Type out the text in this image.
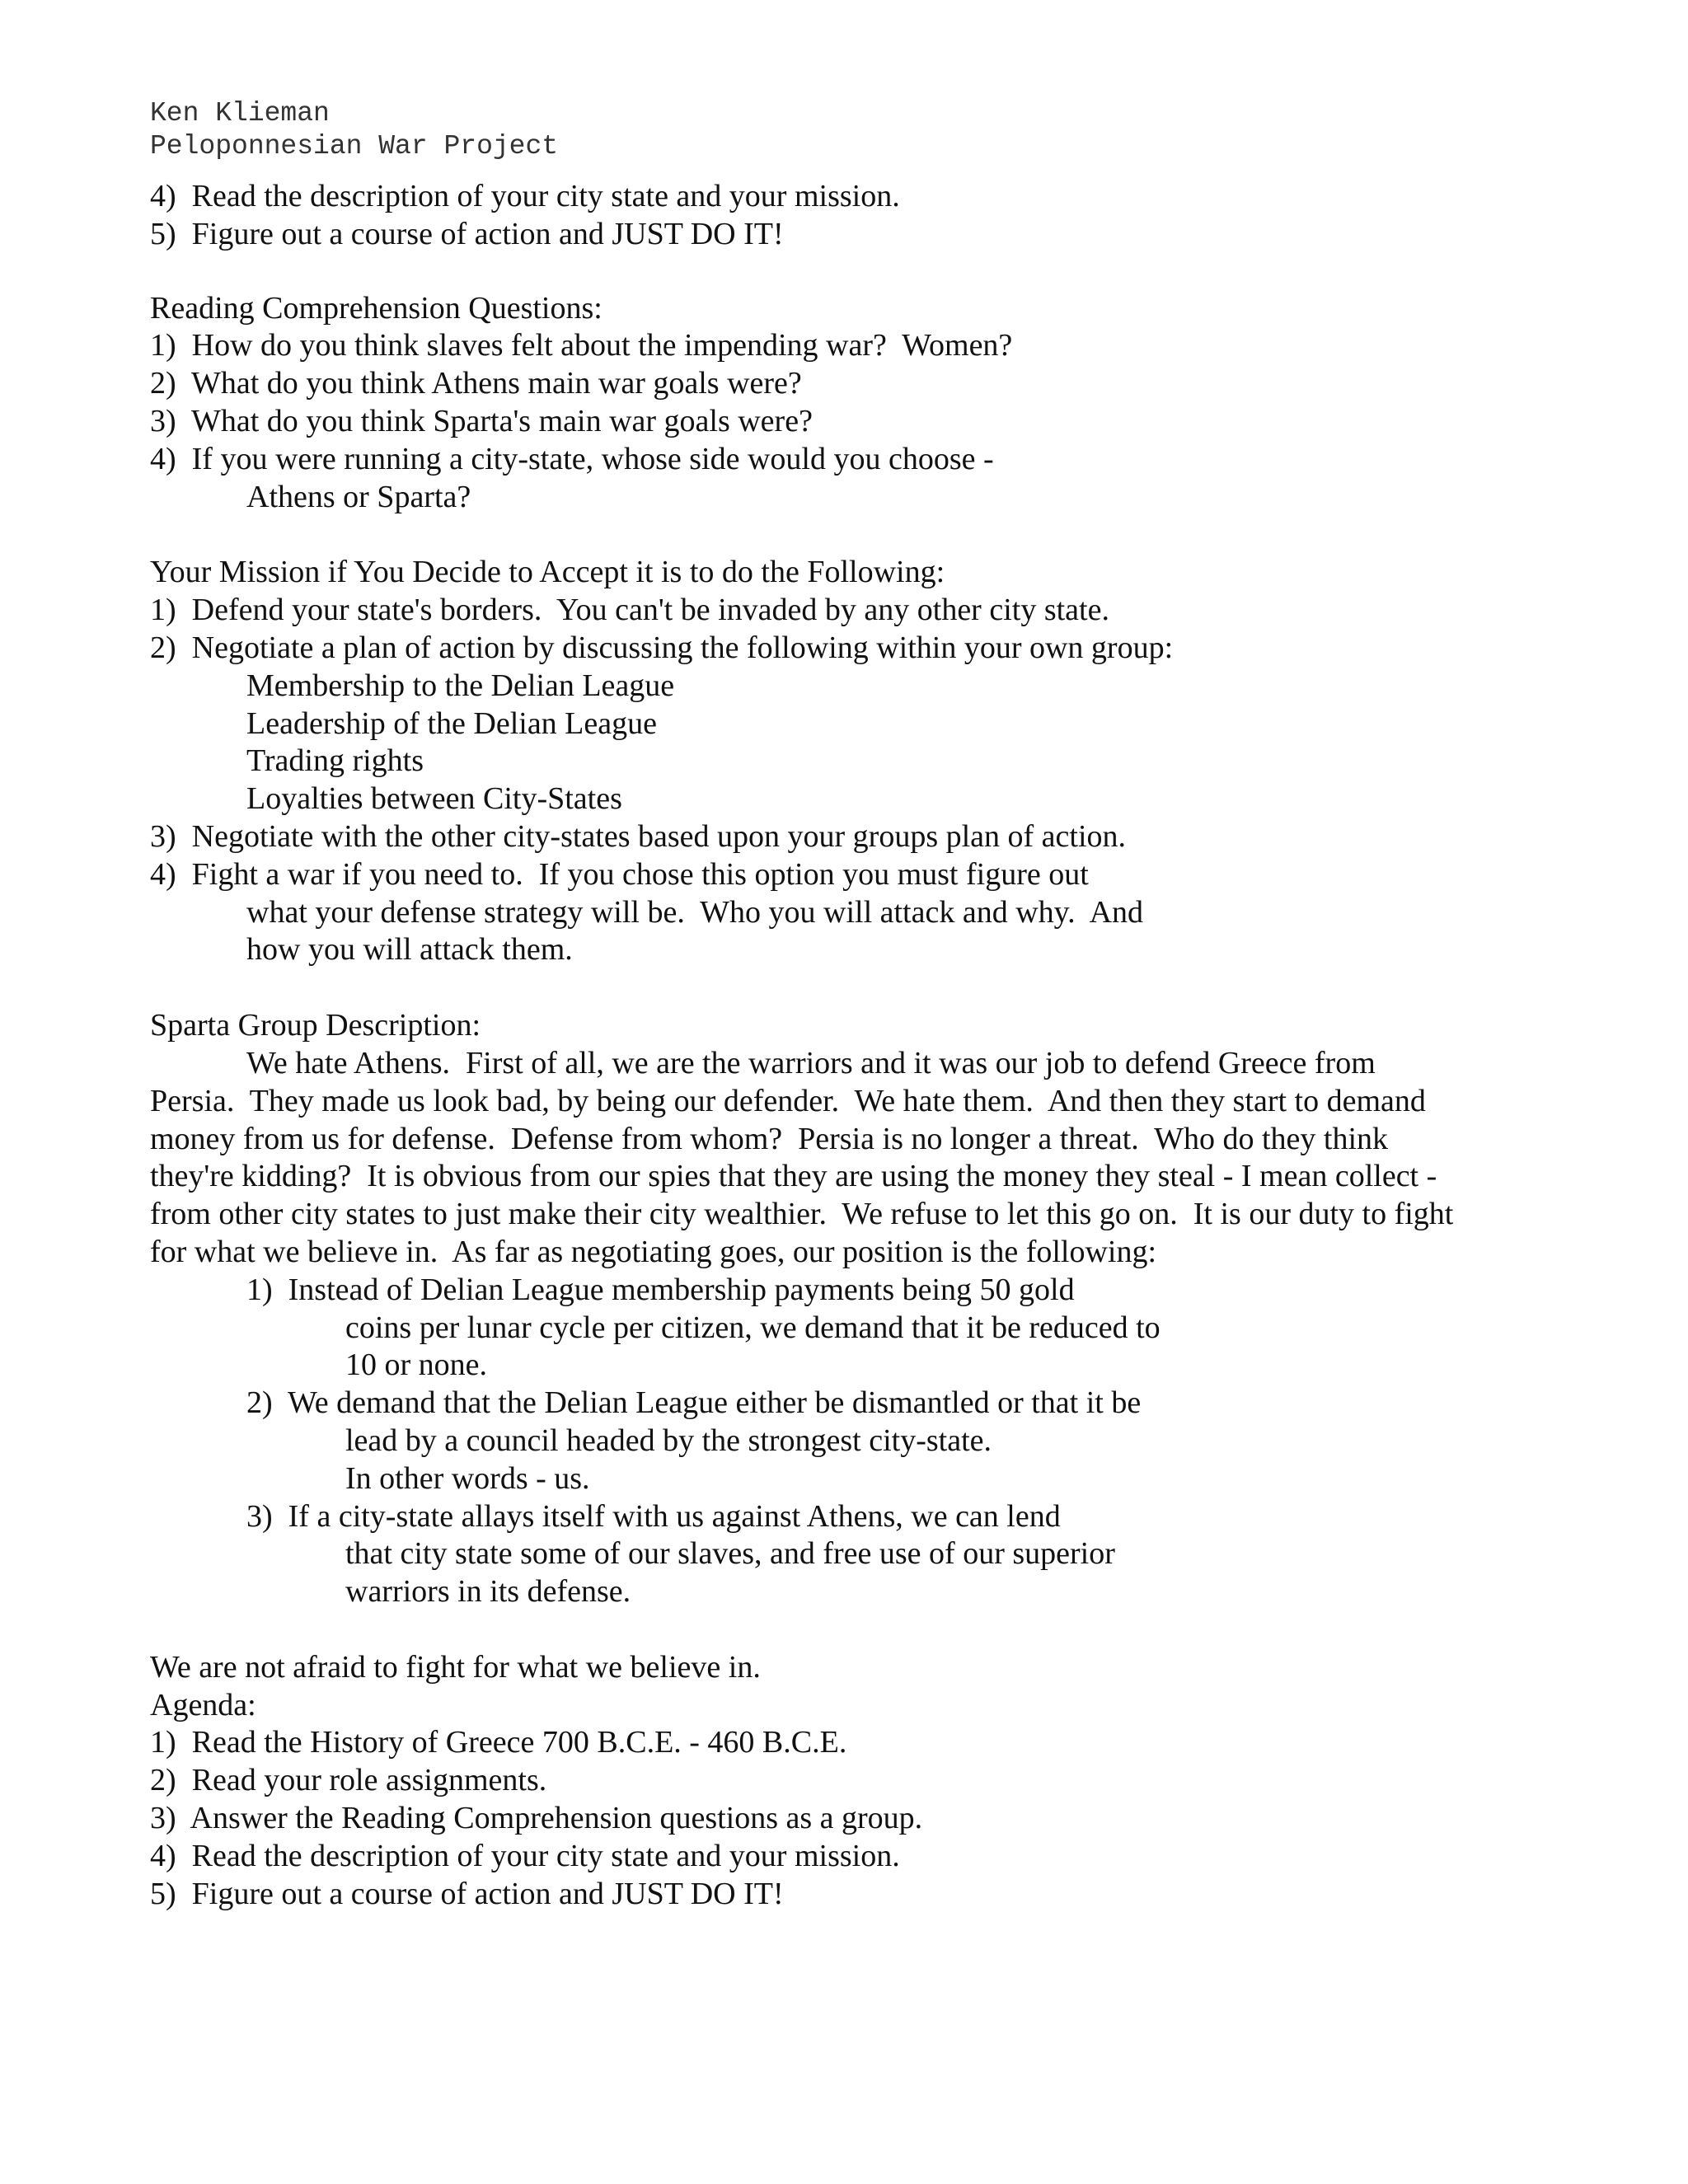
Ken Klieman
Peloponnesian War Project
4)  Read the description of your city state and your mission.
5)  Figure out a course of action and JUST DO IT!
Reading Comprehension Questions:
1)  How do you think slaves felt about the impending war?  Women?
2)  What do you think Athens main war goals were?
3)  What do you think Sparta's main war goals were?
4)  If you were running a city-state, whose side would you choose -
Athens or Sparta?
Your Mission if You Decide to Accept it is to do the Following:
1)  Defend your state's borders.  You can't be invaded by any other city state.
2)  Negotiate a plan of action by discussing the following within your own group:
Membership to the Delian League
Leadership of the Delian League
Trading rights
Loyalties between City-States
3)  Negotiate with the other city-states based upon your groups plan of action.
4)  Fight a war if you need to.  If you chose this option you must figure out
what your defense strategy will be.  Who you will attack and why.  And
how you will attack them.
Sparta Group Description:
We hate Athens.  First of all, we are the warriors and it was our job to defend Greece from
Persia.  They made us look bad, by being our defender.  We hate them.  And then they start to demand
money from us for defense.  Defense from whom?  Persia is no longer a threat.  Who do they think
they're kidding?  It is obvious from our spies that they are using the money they steal - I mean collect -
from other city states to just make their city wealthier.  We refuse to let this go on.  It is our duty to fight
for what we believe in.  As far as negotiating goes, our position is the following:
1)  Instead of Delian League membership payments being 50 gold
coins per lunar cycle per citizen, we demand that it be reduced to
10 or none.
2)  We demand that the Delian League either be dismantled or that it be
lead by a council headed by the strongest city-state.
In other words - us.
3)  If a city-state allays itself with us against Athens, we can lend
that city state some of our slaves, and free use of our superior
warriors in its defense.
We are not afraid to fight for what we believe in.
Agenda:
1)  Read the History of Greece 700 B.C.E. - 460 B.C.E.
2)  Read your role assignments.
3)  Answer the Reading Comprehension questions as a group.
4)  Read the description of your city state and your mission.
5)  Figure out a course of action and JUST DO IT!
